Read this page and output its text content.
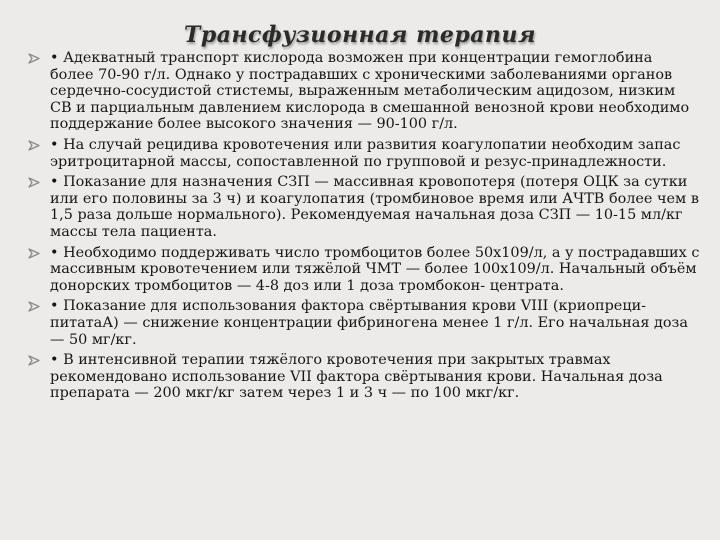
Трансфузионная терапия
• Адекватный транспорт кислорода возможен при концентрации гемоглобина более 70-90 г/л. Однако у пострадавших с хроническими заболеваниями органов сердечно-сосудистой стистемы, выраженным метаболическим ацидозом, низким СВ и парциальным давлением кислорода в смешанной венозной крови необходимо поддержание более высокого значения — 90-100 г/л.
• На случай рецидива кровотечения или развития коагулопатии необходим запас эритроцитарной массы, сопоставленной по групповой и резус-принадлежности.
• Показание для назначения СЗП — массивная кровопотеря (потеря ОЦК за сутки или его половины за 3 ч) и коагулопатия (тромбиновое время или АЧТВ более чем в 1,5 раза дольше нормального). Рекомендуемая начальная доза СЗП — 10-15 мл/кг массы тела пациента.
• Необходимо поддерживать число тромбоцитов более 50х109/л, а у пострадавших с массивным кровотечением или тяжёлой ЧМТ — более 100х109/л. Начальный объём донорских тромбоцитов — 4-8 доз или 1 доза тромбокон- центрата.
• Показание для использования фактора свёртывания крови VIII (криопреци- питатаА) — снижение концентрации фибриногена менее 1 г/л. Его начальная доза — 50 мг/кг.
• В интенсивной терапии тяжёлого кровотечения при закрытых травмах рекомендовано использование VII фактора свёртывания крови. Начальная доза препарата — 200 мкг/кг затем через 1 и 3 ч — по 100 мкг/кг.
